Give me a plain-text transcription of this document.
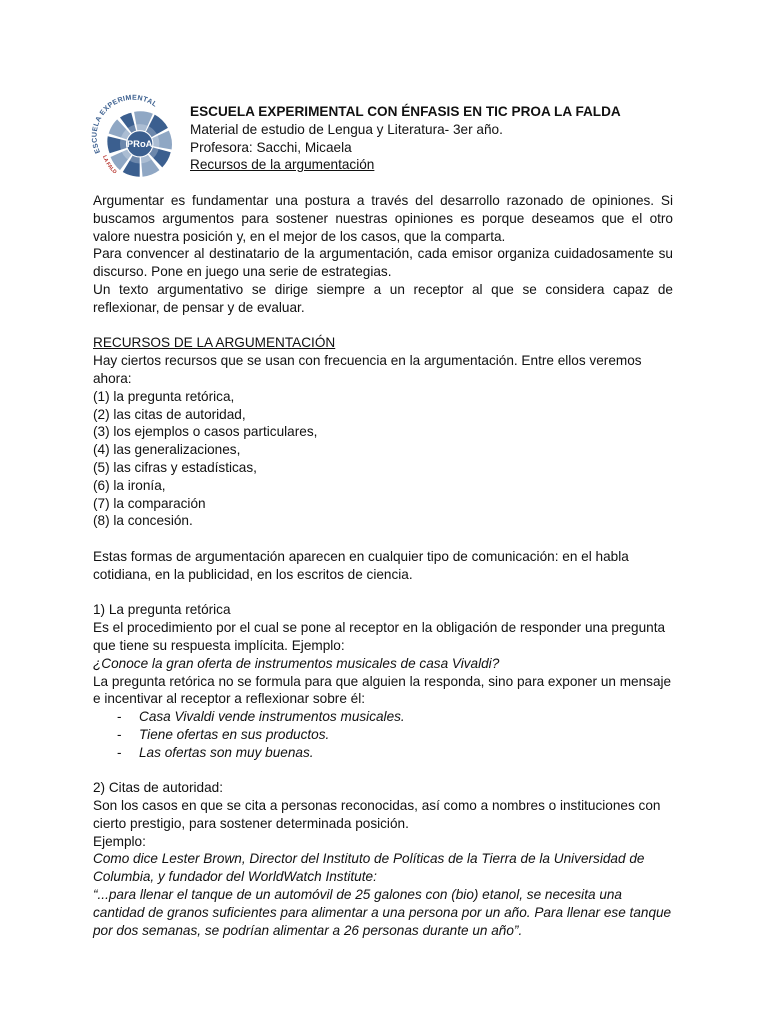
ESCUELA EXPERIMENTAL
LA FALD
PRoA
ESCUELA EXPERIMENTAL CON ÉNFASIS EN TIC PROA LA FALDA
Material de estudio de Lengua y Literatura- 3er año.
Profesora: Sacchi, Micaela
Recursos de la argumentación

Argumentar es fundamentar una postura a través del desarrollo razonado de opiniones. Si buscamos argumentos para sostener nuestras opiniones es porque deseamos que el otro valore nuestra posición y, en el mejor de los casos, que la comparta.

Para convencer al destinatario de la argumentación, cada emisor organiza cuidadosamente su discurso. Pone en juego una serie de estrategias.

Un texto argumentativo se dirige siempre a un receptor al que se considera capaz de reflexionar, de pensar y de evaluar.

RECURSOS DE LA ARGUMENTACIÓN

Hay ciertos recursos que se usan con frecuencia en la argumentación. Entre ellos veremos ahora:

(1) la pregunta retórica,

(2) las citas de autoridad,

(3) los ejemplos o casos particulares,

(4) las generalizaciones,

(5) las cifras y estadísticas,

(6) la ironía,

(7) la comparación

(8) la concesión.

Estas formas de argumentación aparecen en cualquier tipo de comunicación: en el habla cotidiana, en la publicidad, en los escritos de ciencia.

1) La pregunta retórica

Es el procedimiento por el cual se pone al receptor en la obligación de responder una pregunta que tiene su respuesta implícita. Ejemplo:

¿Conoce la gran oferta de instrumentos musicales de casa Vivaldi?

La pregunta retórica no se formula para que alguien la responda, sino para exponer un mensaje e incentivar al receptor a reflexionar sobre él:

- Casa Vivaldi vende instrumentos musicales.
- Tiene ofertas en sus productos.
- Las ofertas son muy buenas.

2) Citas de autoridad:

Son los casos en que se cita a personas reconocidas, así como a nombres o instituciones con cierto prestigio, para sostener determinada posición.

Ejemplo:

Como dice Lester Brown, Director del Instituto de Políticas de la Tierra de la Universidad de Columbia, y fundador del WorldWatch Institute:

“...para llenar el tanque de un automóvil de 25 galones con (bio) etanol, se necesita una cantidad de granos suficientes para alimentar a una persona por un año. Para llenar ese tanque por dos semanas, se podrían alimentar a 26 personas durante un año”.
